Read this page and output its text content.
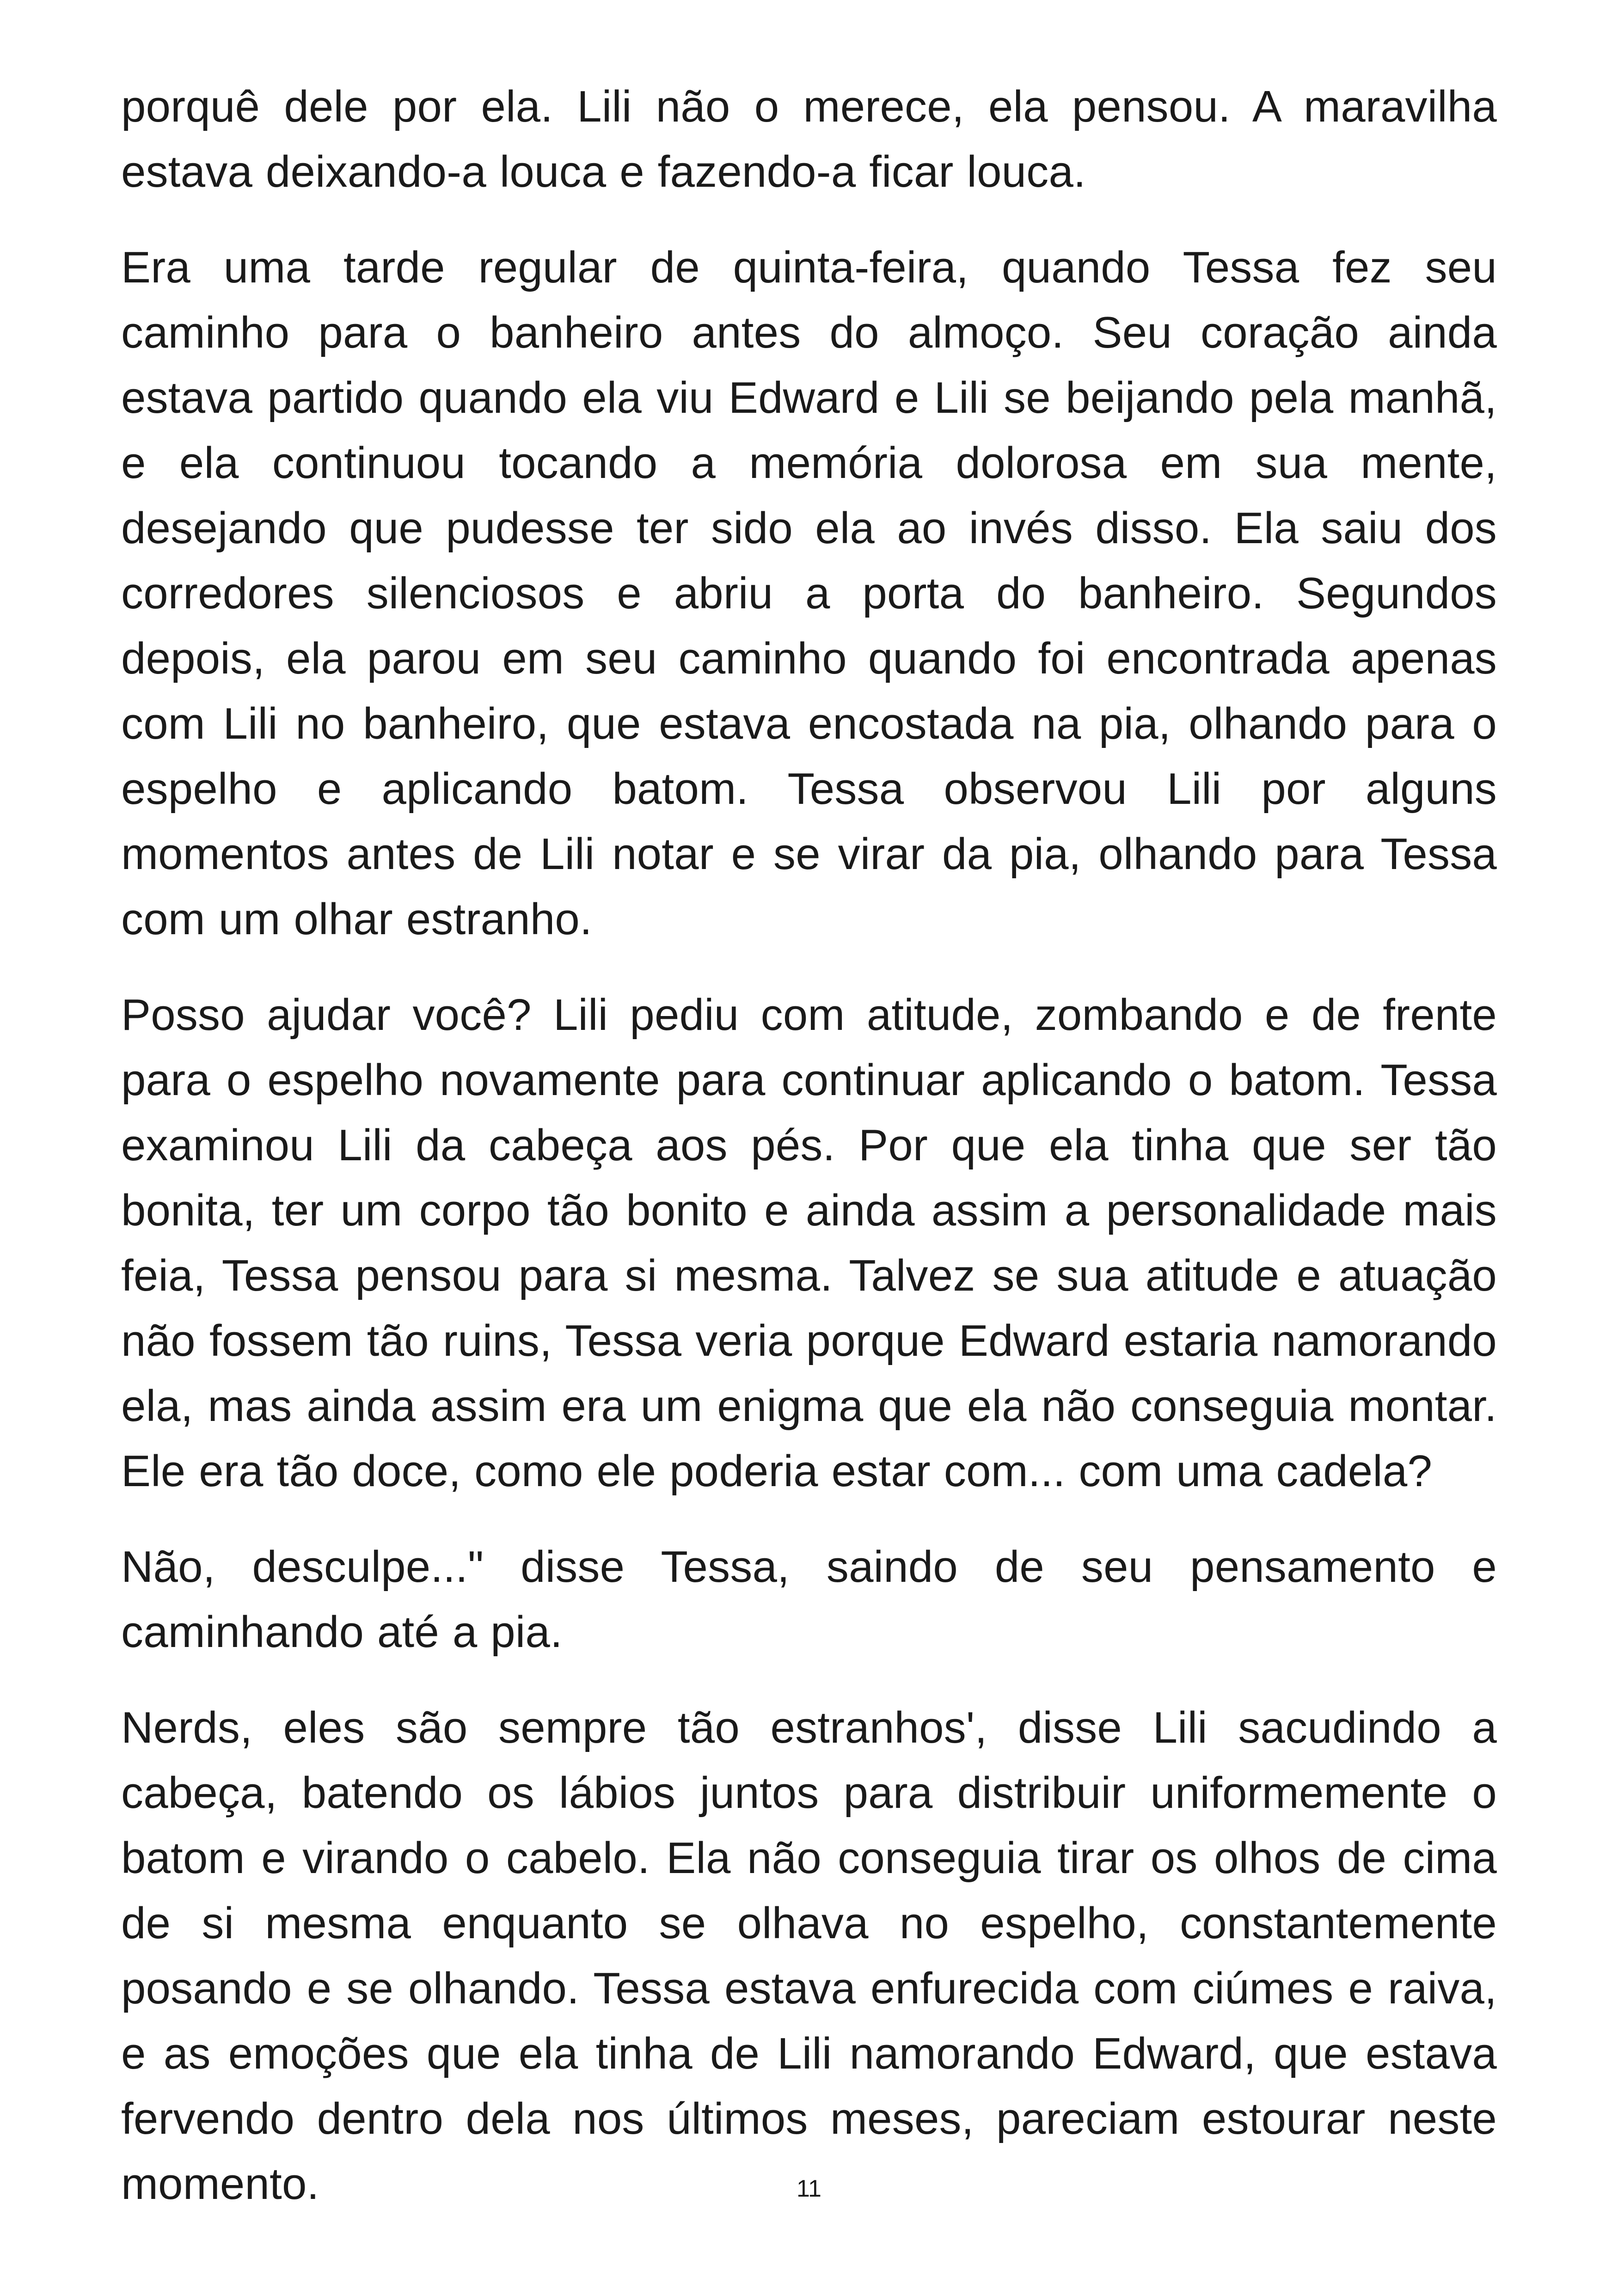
porquê dele por ela. Lili não o merece, ela pensou. A maravilha estava deixando-a louca e fazendo-a ficar louca.

Era uma tarde regular de quinta-feira, quando Tessa fez seu caminho para o banheiro antes do almoço. Seu coração ainda estava partido quando ela viu Edward e Lili se beijando pela manhã, e ela continuou tocando a memória dolorosa em sua mente, desejando que pudesse ter sido ela ao invés disso. Ela saiu dos corredores silenciosos e abriu a porta do banheiro. Segundos depois, ela parou em seu caminho quando foi encontrada apenas com Lili no banheiro, que estava encostada na pia, olhando para o espelho e aplicando batom. Tessa observou Lili por alguns momentos antes de Lili notar e se virar da pia, olhando para Tessa com um olhar estranho.

Posso ajudar você? Lili pediu com atitude, zombando e de frente para o espelho novamente para continuar aplicando o batom. Tessa examinou Lili da cabeça aos pés. Por que ela tinha que ser tão bonita, ter um corpo tão bonito e ainda assim a personalidade mais feia, Tessa pensou para si mesma. Talvez se sua atitude e atuação não fossem tão ruins, Tessa veria porque Edward estaria namorando ela, mas ainda assim era um enigma que ela não conseguia montar. Ele era tão doce, como ele poderia estar com... com uma cadela?

Não, desculpe..." disse Tessa, saindo de seu pensamento e caminhando até a pia.

Nerds, eles são sempre tão estranhos', disse Lili sacudindo a cabeça, batendo os lábios juntos para distribuir uniformemente o batom e virando o cabelo. Ela não conseguia tirar os olhos de cima de si mesma enquanto se olhava no espelho, constantemente posando e se olhando. Tessa estava enfurecida com ciúmes e raiva, e as emoções que ela tinha de Lili namorando Edward, que estava fervendo dentro dela nos últimos meses, pareciam estourar neste momento.	11
